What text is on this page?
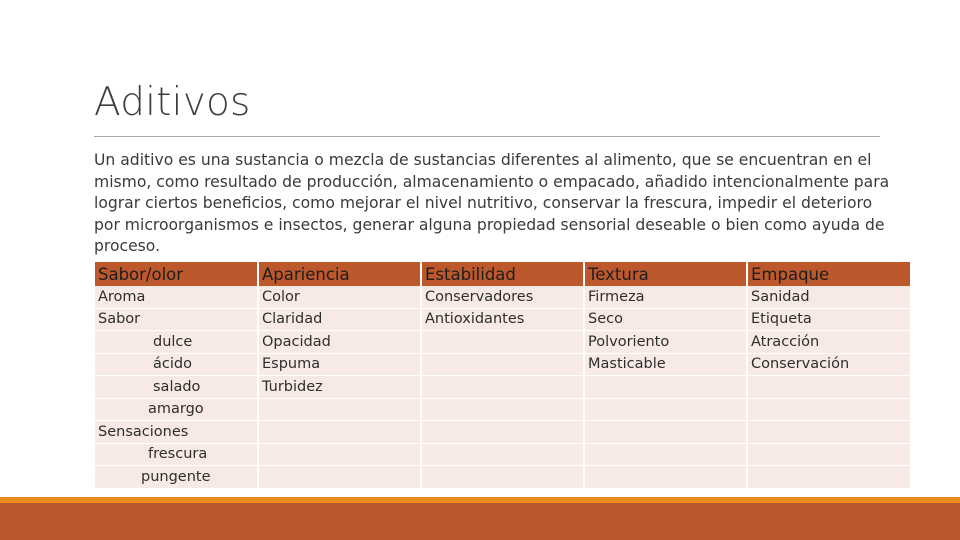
Aditivos

Un aditivo es una sustancia o mezcla de sustancias diferentes al alimento, que se encuentran en el mismo, como resultado de producción, almacenamiento o empacado, añadido intencionalmente para lograr ciertos beneficios, como mejorar el nivel nutritivo, conservar la frescura, impedir el deterioro por microorganismos e insectos, generar alguna propiedad sensorial deseable o bien como ayuda de proceso.

Sabor/olor	Apariencia	Estabilidad	Textura	Empaque
Aroma	Color	Conservadores	Firmeza	Sanidad
Sabor	Claridad	Antioxidantes	Seco	Etiqueta
dulce	Opacidad		Polvoriento	Atracción
ácido	Espuma		Masticable	Conservación
salado	Turbidez			
amargo				
Sensaciones				
frescura				
pungente				
